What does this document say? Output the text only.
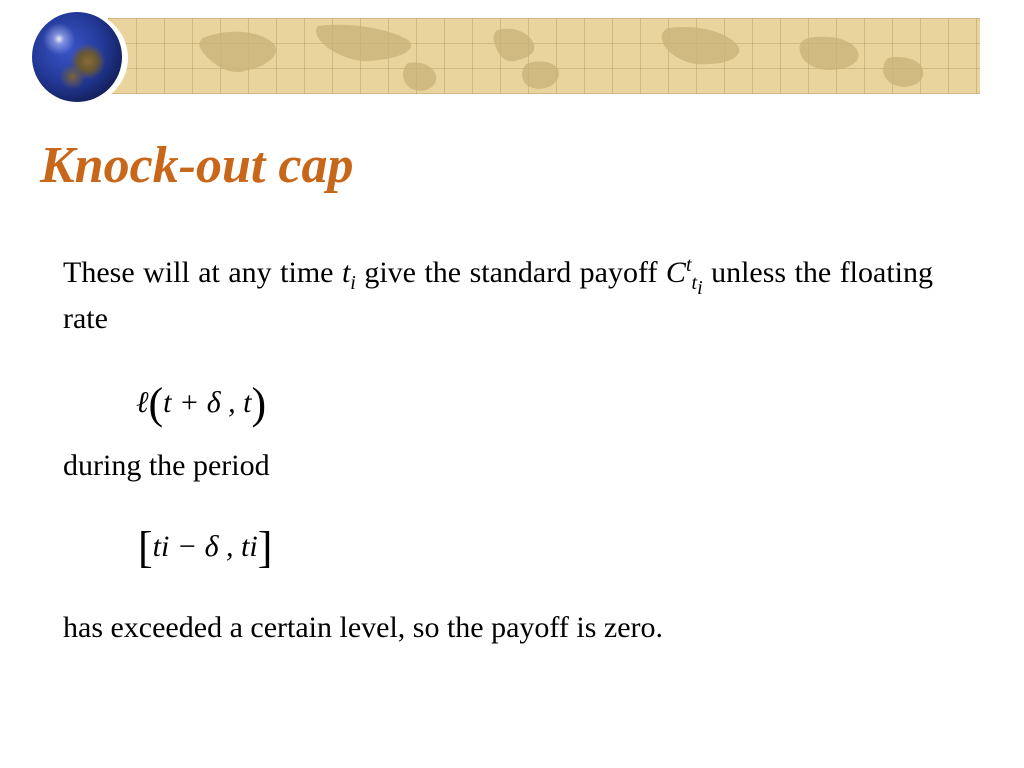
Knock-out cap

These will at any time $t_i$ give the standard payoff $C^t_{t_i}$ unless the floating rate

ℓ(t + δ , t)

during the period

[ti − δ , ti]

has exceeded a certain level, so the payoff is zero.
